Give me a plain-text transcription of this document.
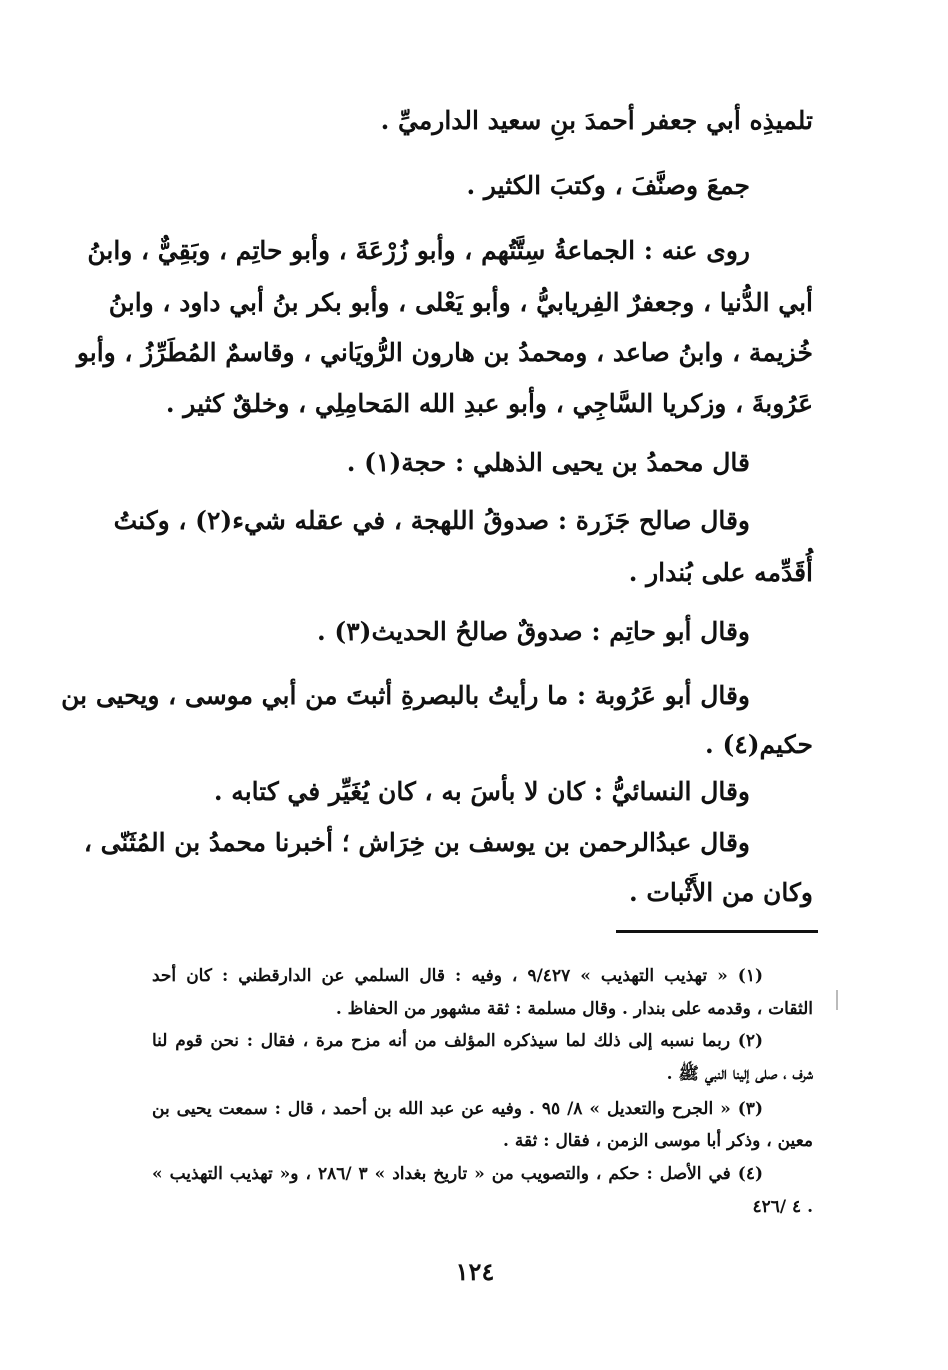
تلميذِه أبي جعفر أحمدَ بنِ سعيد الدارميِّ .
جمعَ وصنَّفَ ، وكتبَ الكثير .
روى عنه : الجماعةُ سِتَّتُهم ، وأبو زُرْعَةَ ، وأبو حاتِم ، وبَقِيٌّ ، وابنُ
أبي الدُّنيا ، وجعفرٌ الفِريابيُّ ، وأبو يَعْلى ، وأبو بكر بنُ أبي داود ، وابنُ
خُزيمة ، وابنُ صاعد ، ومحمدُ بن هارون الرُّويَاني ، وقاسمٌ المُطَرِّزُ ، وأبو
عَرُوبةَ ، وزكريا السَّاجِي ، وأبو عبدِ الله المَحامِلِي ، وخلقٌ كثير .
قال محمدُ بن يحيى الذهلي : حجة(١) .
وقال صالح جَزَرة : صدوقُ اللهجة ، في عقله شيء(٢) ، وكنتُ
أُقَدِّمه على بُندار .
وقال أبو حاتِم : صدوقٌ صالحُ الحديث(٣) .
وقال أبو عَرُوبة : ما رأيتُ بالبصرةِ أثبتَ من أبي موسى ، ويحيى بن
حكيم(٤) .
وقال النسائيُّ : كان لا بأسَ به ، كان يُغَيِّر في كتابه .
وقال عبدُالرحمن بن يوسف بن خِرَاش ؛ أخبرنا محمدُ بن المُثَنّى ،
وكان من الأَثْبات .
(١) « تهذيب التهذيب » ٩/٤٢٧ ، وفيه : قال السلمي عن الدارقطني : كان أحد
الثقات ، وقدمه على بندار . وقال مسلمة : ثقة مشهور من الحفاظ .
(٢) ربما نسبه إلى ذلك لما سيذكره المؤلف من أنه مزح مرة ، فقال : نحن قوم لنا
شرف ، صلى إلينا النبي ﷺ .
(٣) « الجرح والتعديل » ٨/ ٩٥ . وفيه عن عبد الله بن أحمد ، قال : سمعت يحيى بن
معين ، وذكر أبا موسى الزمن ، فقال : ثقة .
(٤) في الأصل : حكم ، والتصويب من « تاريخ بغداد » ٣ /٢٨٦ ، و« تهذيب التهذيب »
٤ /٤٢٦ .
١٢٤
